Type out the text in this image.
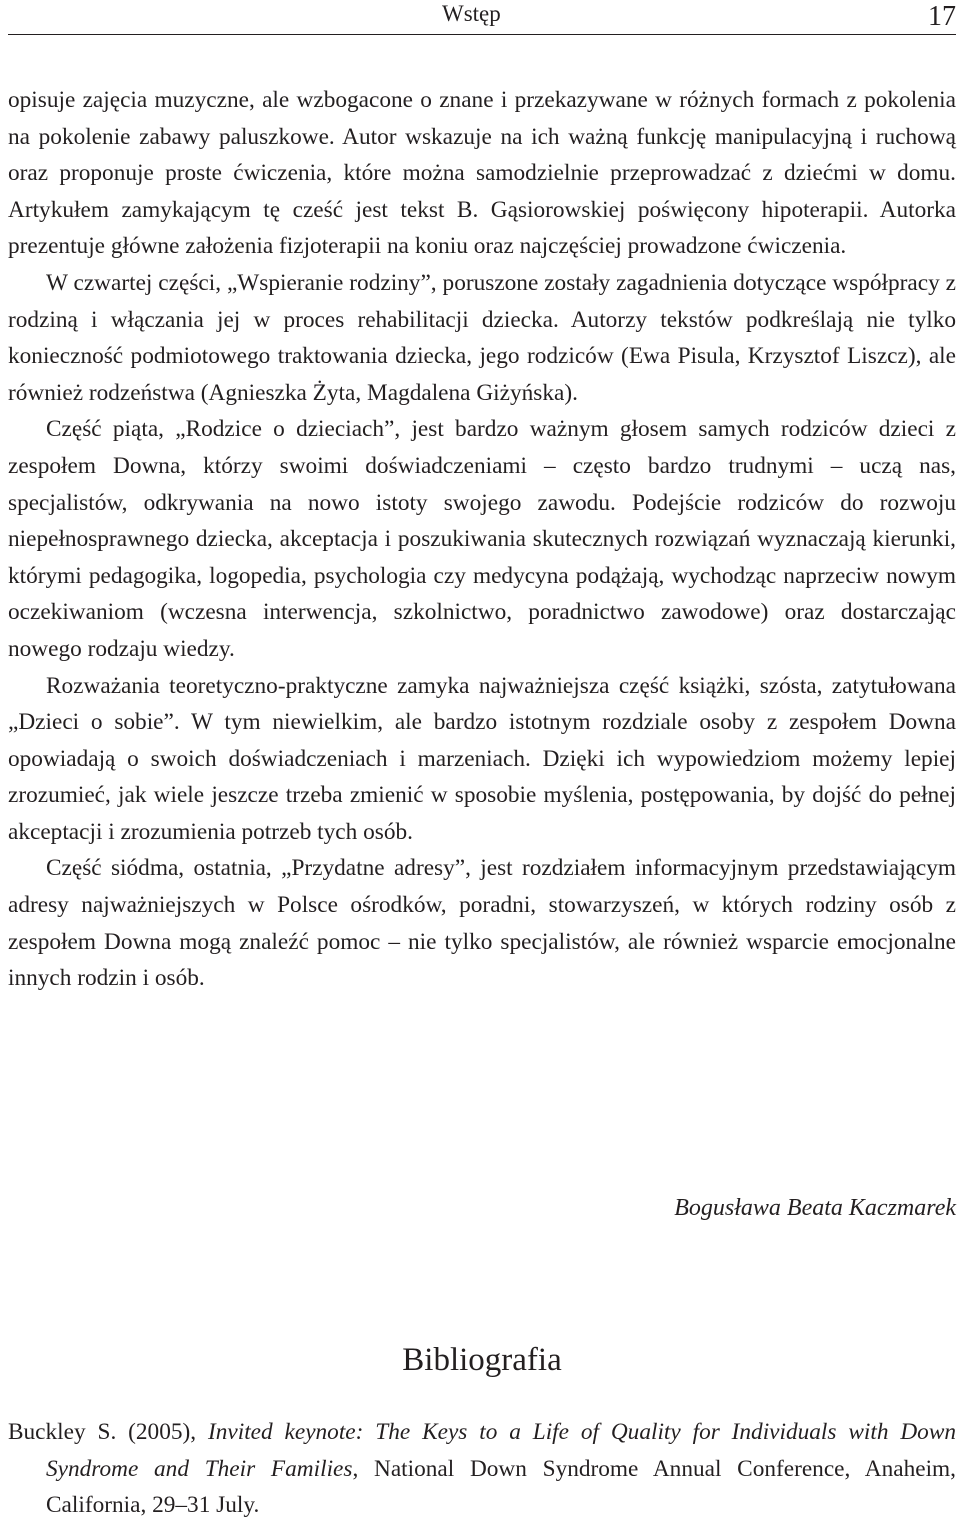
Wstęp	17

opisuje zajęcia muzyczne, ale wzbogacone o znane i przekazywane w różnych formach z pokolenia na pokolenie zabawy paluszkowe. Autor wskazuje na ich ważną funkcję manipulacyjną i ruchową oraz proponuje proste ćwiczenia, które można samodzielnie przeprowadzać z dziećmi w domu. Artykułem zamykającym tę cześć jest tekst B. Gąsiorowskiej poświęcony hipoterapii. Autorka prezentuje główne założenia fizjoterapii na koniu oraz najczęściej prowadzone ćwiczenia.

W czwartej części, „Wspieranie rodziny”, poruszone zostały zagadnienia dotyczące współpracy z rodziną i włączania jej w proces rehabilitacji dziecka. Autorzy tekstów podkreślają nie tylko konieczność podmiotowego traktowania dziecka, jego rodziców (Ewa Pisula, Krzysztof Liszcz), ale również rodzeństwa (Agnieszka Żyta, Magdalena Giżyńska).

Część piąta, „Rodzice o dzieciach”, jest bardzo ważnym głosem samych rodziców dzieci z zespołem Downa, którzy swoimi doświadczeniami – często bardzo trudnymi – uczą nas, specjalistów, odkrywania na nowo istoty swojego zawodu. Podejście rodziców do rozwoju niepełnosprawnego dziecka, akceptacja i poszukiwania skutecznych rozwiązań wyznaczają kierunki, którymi pedagogika, logopedia, psychologia czy medycyna podążają, wychodząc naprzeciw nowym oczekiwaniom (wczesna interwencja, szkolnictwo, poradnictwo zawodowe) oraz dostarczając nowego rodzaju wiedzy.

Rozważania teoretyczno-praktyczne zamyka najważniejsza część książki, szósta, zatytułowana „Dzieci o sobie”. W tym niewielkim, ale bardzo istotnym rozdziale osoby z zespołem Downa opowiadają o swoich doświadczeniach i marzeniach. Dzięki ich wypowiedziom możemy lepiej zrozumieć, jak wiele jeszcze trzeba zmienić w sposobie myślenia, postępowania, by dojść do pełnej akceptacji i zrozumienia potrzeb tych osób.

Część siódma, ostatnia, „Przydatne adresy”, jest rozdziałem informacyjnym przedstawiającym adresy najważniejszych w Polsce ośrodków, poradni, stowarzyszeń, w których rodziny osób z zespołem Downa mogą znaleźć pomoc – nie tylko specjalistów, ale również wsparcie emocjonalne innych rodzin i osób.

Bogusława Beata Kaczmarek
Bibliografia
Buckley S. (2005), Invited keynote: The Keys to a Life of Quality for Individuals with Down Syndrome and Their Families, National Down Syndrome Annual Conference, Anaheim, California, 29–31 July.
